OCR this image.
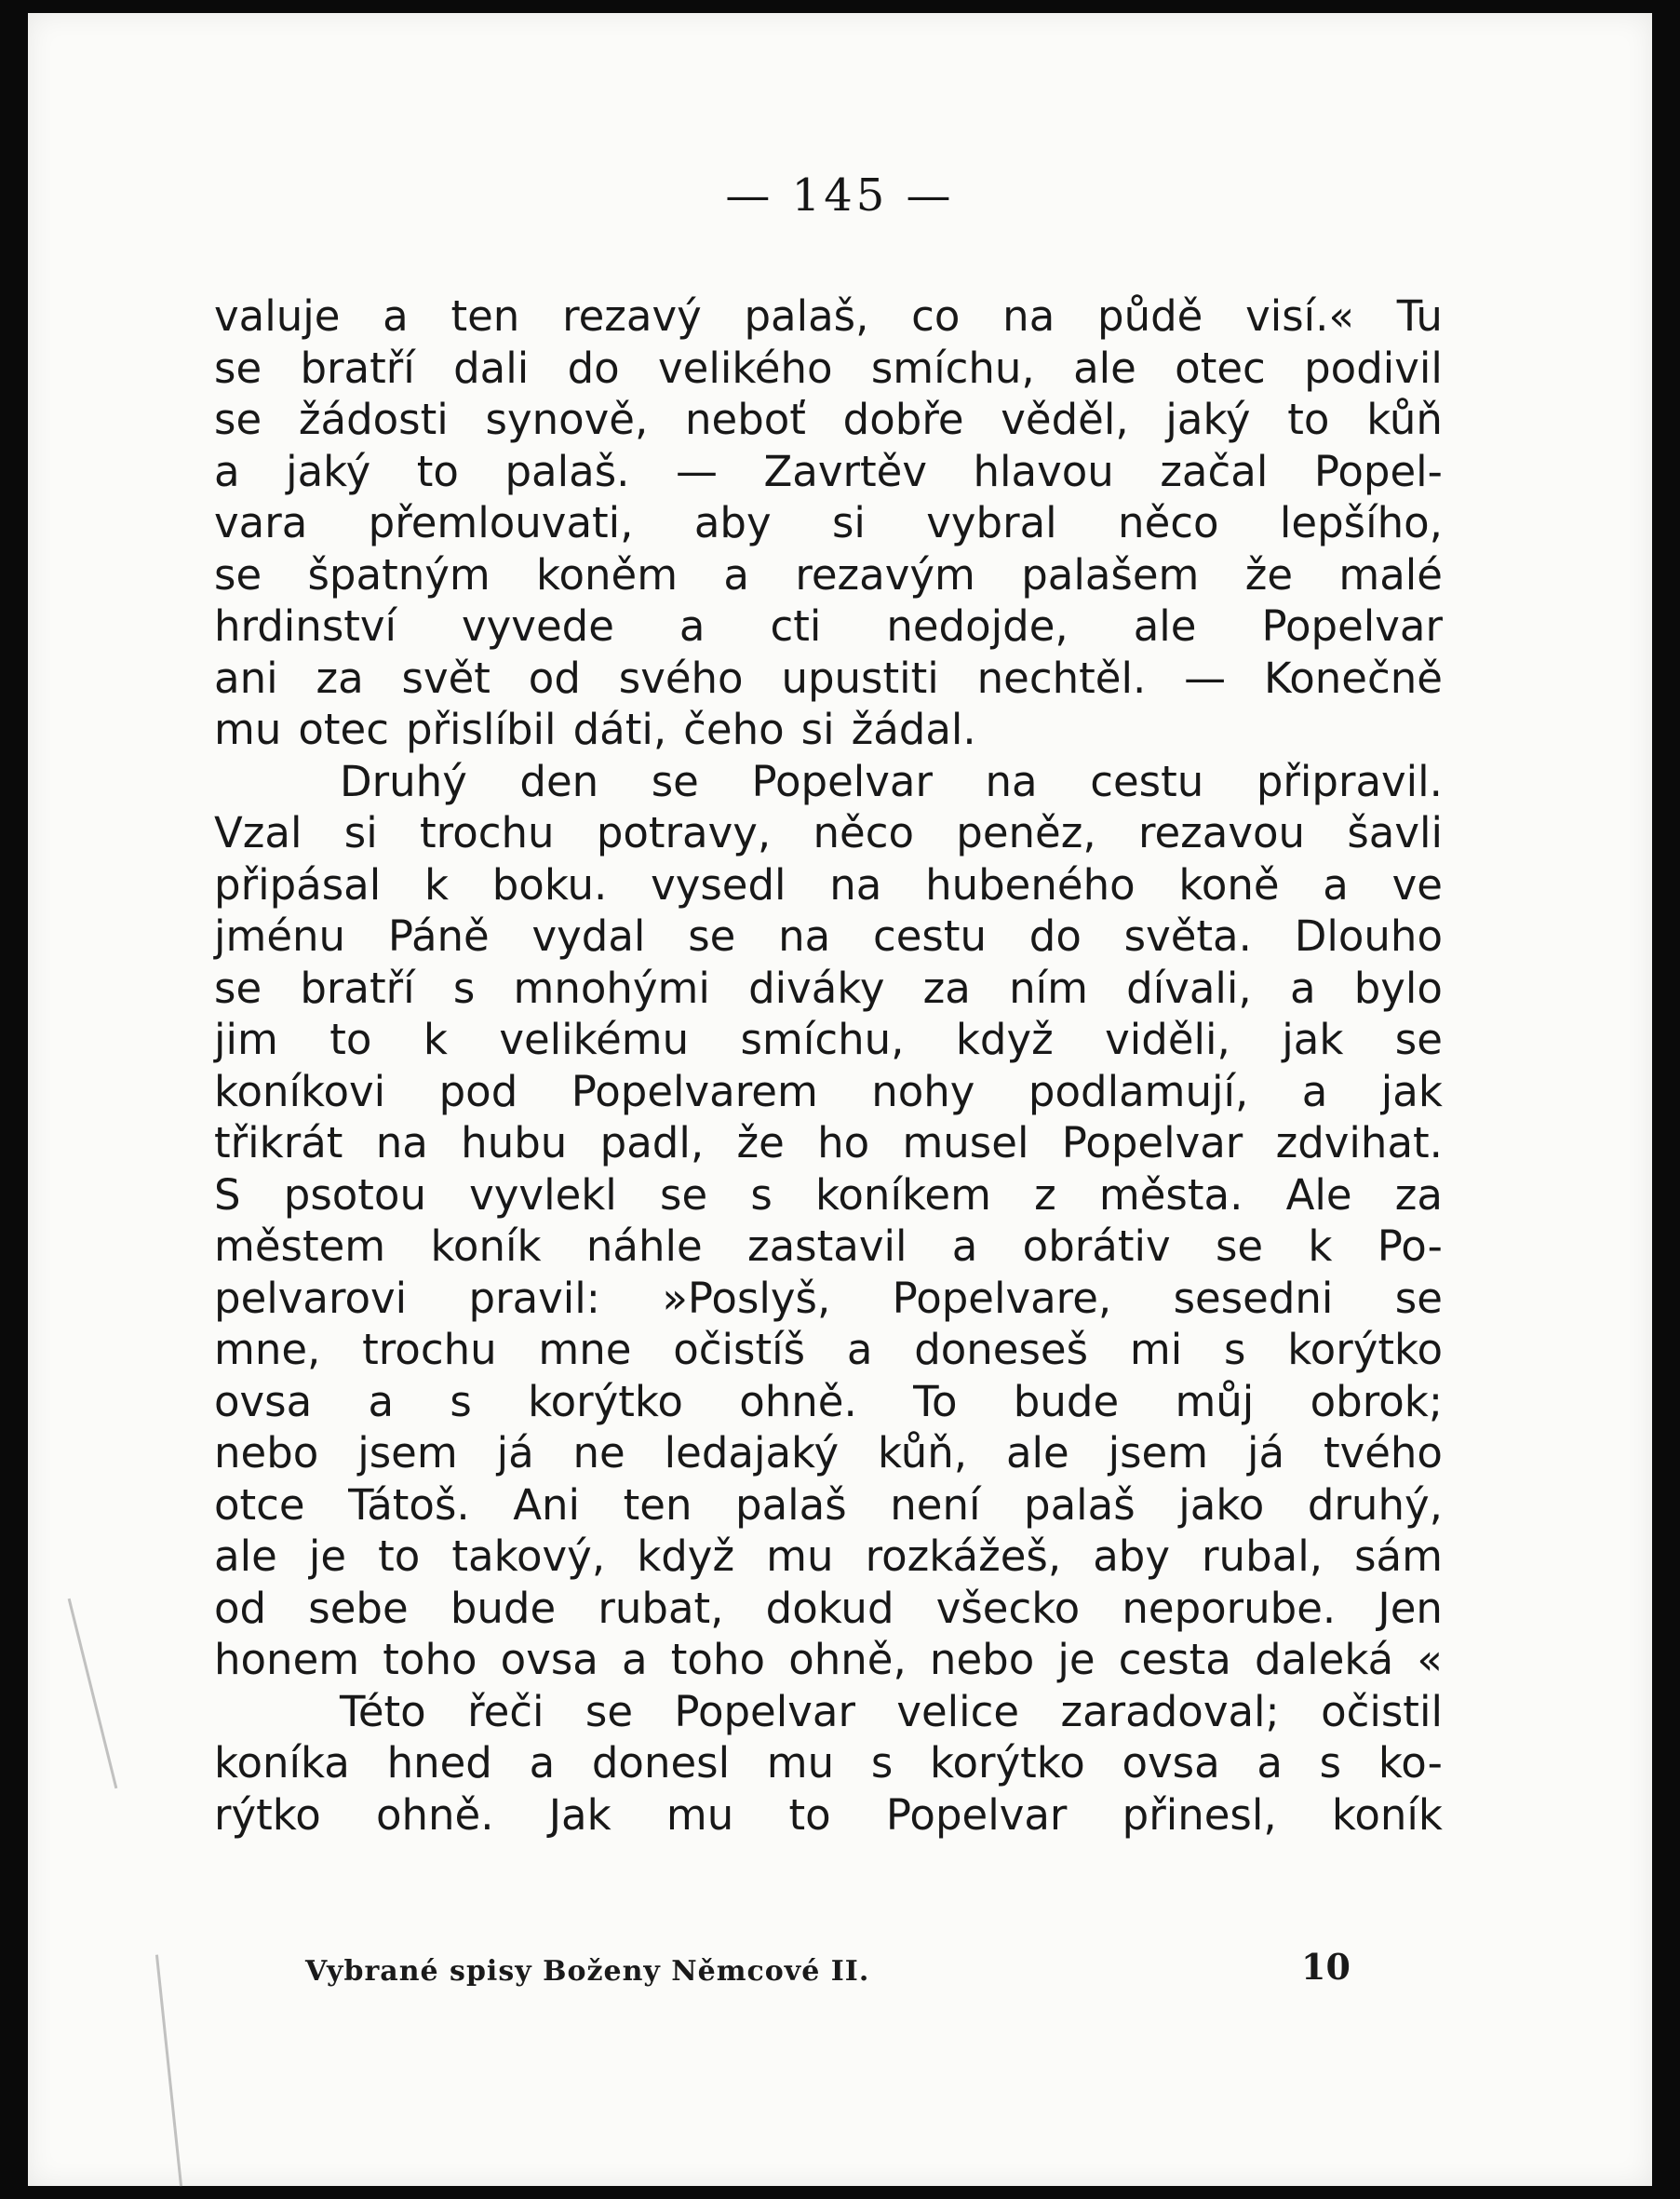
— 145 —
valuje a ten rezavý palaš, co na půdě visí.« Tu
se bratří dali do velikého smíchu, ale otec podivil
se žádosti synově, neboť dobře věděl, jaký to kůň
a jaký to palaš. — Zavrtěv hlavou začal Popel-
vara přemlouvati, aby si vybral něco lepšího,
se špatným koněm a rezavým palašem že malé
hrdinství vyvede a cti nedojde, ale Popelvar
ani za svět od svého upustiti nechtěl. — Konečně
mu otec přislíbil dáti, čeho si žádal.
Druhý den se Popelvar na cestu připravil.
Vzal si trochu potravy, něco peněz, rezavou šavli
připásal k boku. vysedl na hubeného koně a ve
jménu Páně vydal se na cestu do světa. Dlouho
se bratří s mnohými diváky za ním dívali, a bylo
jim to k velikému smíchu, když viděli, jak se
koníkovi pod Popelvarem nohy podlamují, a jak
třikrát na hubu padl, že ho musel Popelvar zdvihat.
S psotou vyvlekl se s koníkem z města. Ale za
městem koník náhle zastavil a obrátiv se k Po-
pelvarovi pravil: »Poslyš, Popelvare, sesedni se
mne, trochu mne očistíš a doneseš mi s korýtko
ovsa a s korýtko ohně. To bude můj obrok;
nebo jsem já ne ledajaký kůň, ale jsem já tvého
otce Tátoš. Ani ten palaš není palaš jako druhý,
ale je to takový, když mu rozkážeš, aby rubal, sám
od sebe bude rubat, dokud všecko neporube. Jen
honem toho ovsa a toho ohně, nebo je cesta daleká «
Této řeči se Popelvar velice zaradoval; očistil
koníka hned a donesl mu s korýtko ovsa a s ko-
rýtko ohně. Jak mu to Popelvar přinesl, koník
Vybrané spisy Boženy Němcové II.	10
